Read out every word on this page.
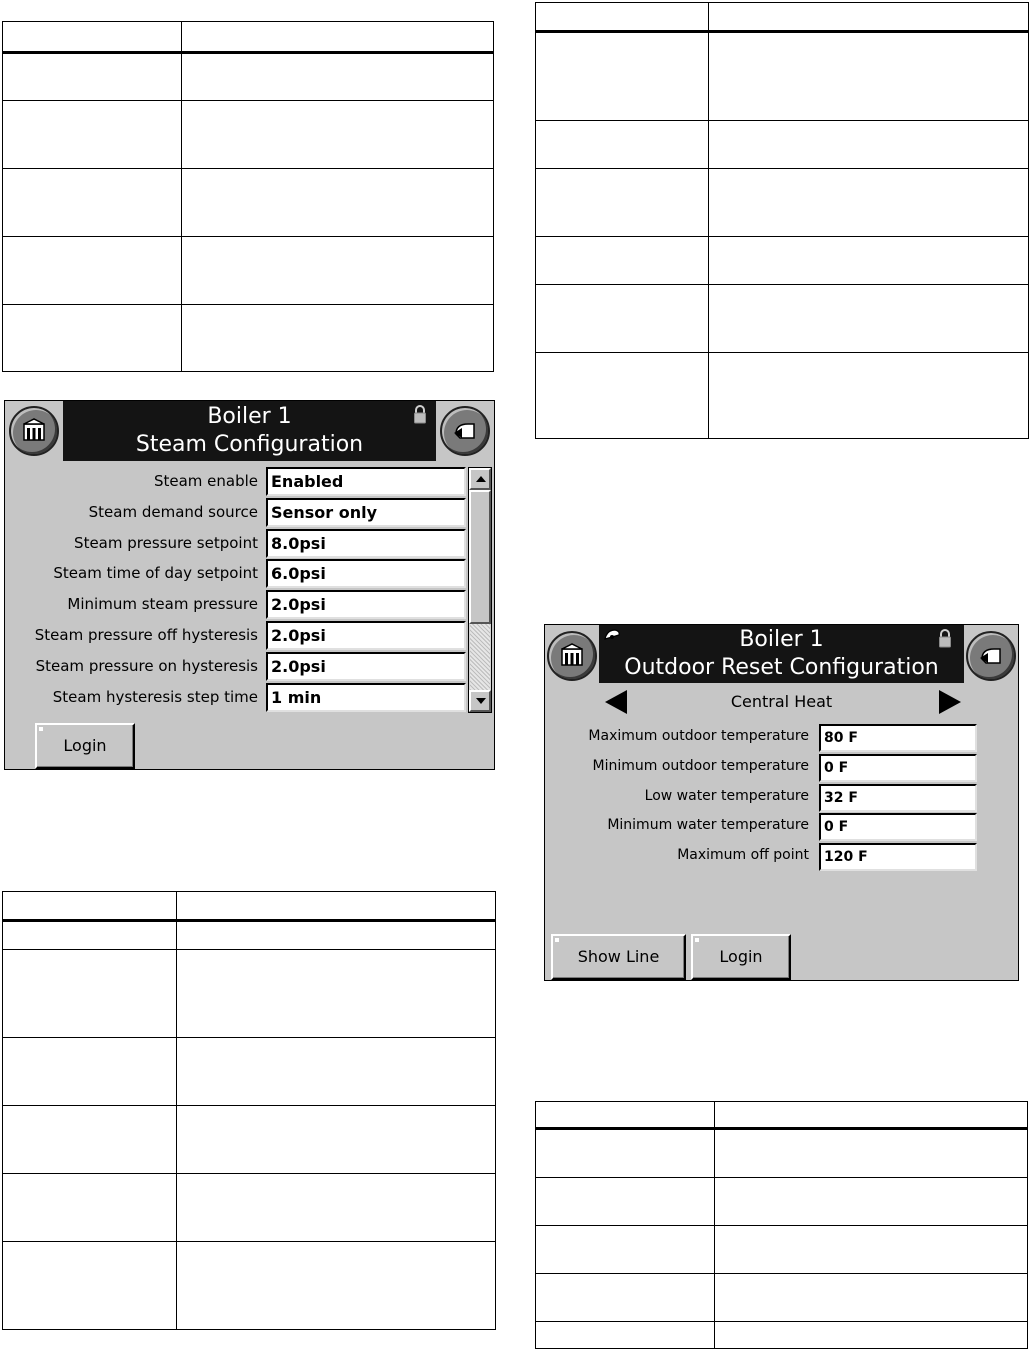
Boiler 1
Steam Configuration
Steam enable Enabled
Steam demand source Sensor only
Steam pressure setpoint 8.0psi
Steam time of day setpoint 6.0psi
Minimum steam pressure 2.0psi
Steam pressure off hysteresis 2.0psi
Steam pressure on hysteresis 2.0psi
Steam hysteresis step time 1 min
Login
Boiler 1
Outdoor Reset Configuration
Central Heat
Maximum outdoor temperature	80 F
Minimum outdoor temperature	0 F
Low water temperature	32 F
Minimum water temperature	0 F
Maximum off point	120 F
Show Line	Login
